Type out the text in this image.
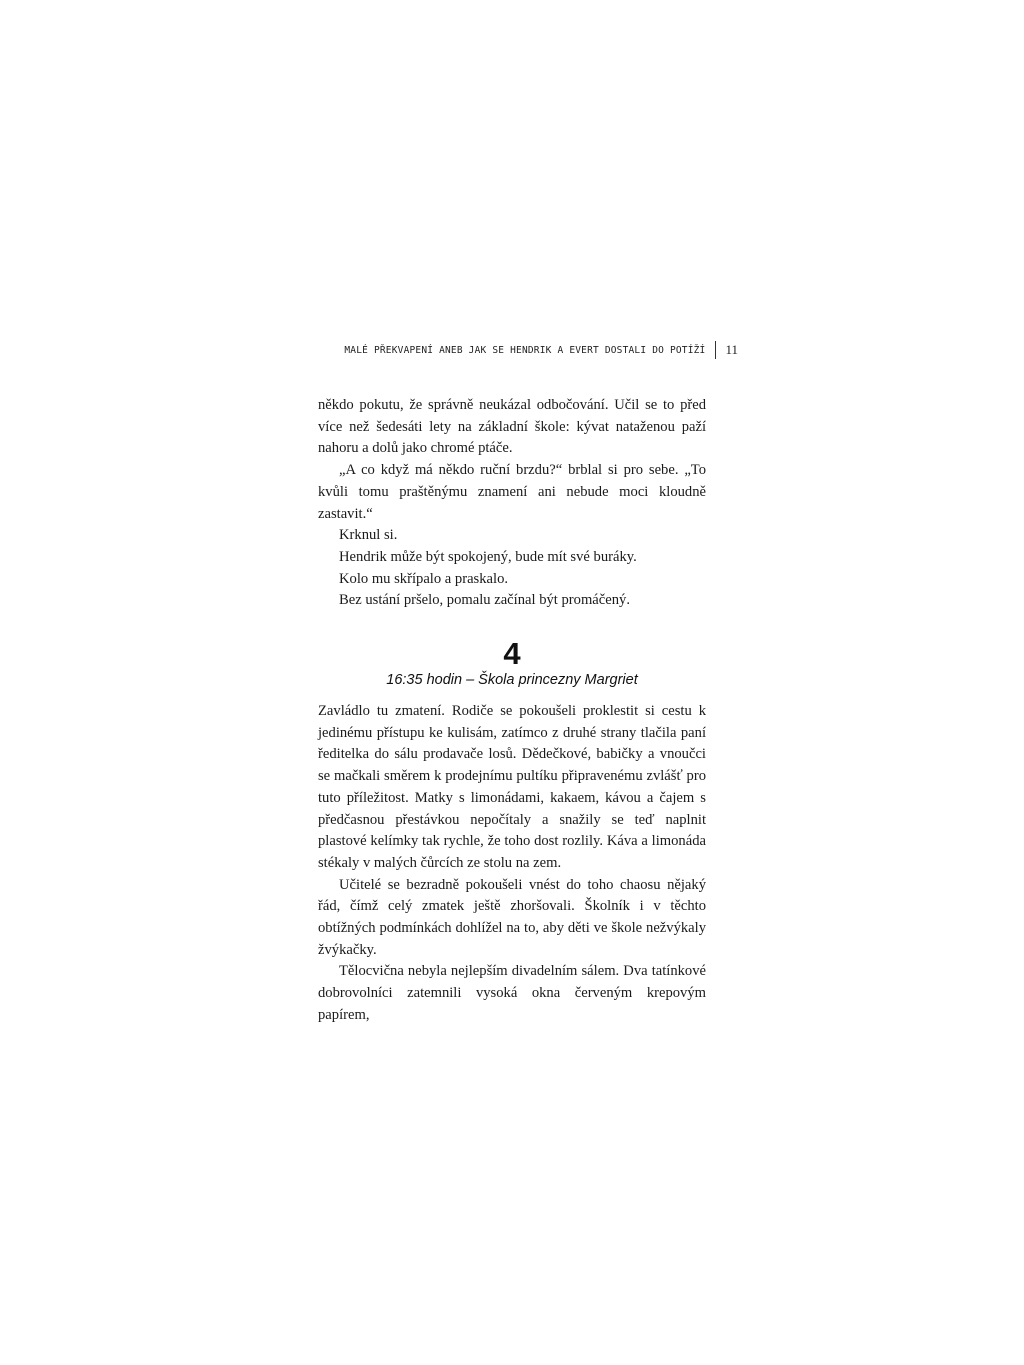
MALÉ PŘEKVAPENÍ ANEB JAK SE HENDRIK A EVERT DOSTALI DO POTÍŽÍ 11

někdo pokutu, že správně neukázal odbočování. Učil se to před více než šedesáti lety na základní škole: kývat nataženou paží nahoru a dolů jako chromé ptáče.

„A co když má někdo ruční brzdu?“ brblal si pro sebe. „To kvůli tomu praštěnýmu znamení ani nebude moci kloudně zastavit.“

Krknul si.

Hendrik může být spokojený, bude mít své buráky.

Kolo mu skřípalo a praskalo.

Bez ustání pršelo, pomalu začínal být promáčený.

4
16:35 hodin – Škola princezny Margriet

Zavládlo tu zmatení. Rodiče se pokoušeli proklestit si cestu k jedinému přístupu ke kulisám, zatímco z druhé strany tlačila paní ředitelka do sálu prodavače losů. Dědečkové, babičky a vnoučci se mačkali směrem k prodejnímu pultíku připravenému zvlášť pro tuto příležitost. Matky s limonádami, kakaem, kávou a čajem s předčasnou přestávkou nepočítaly a snažily se teď naplnit plastové kelímky tak rychle, že toho dost rozlily. Káva a limonáda stékaly v malých čůrcích ze stolu na zem.

Učitelé se bezradně pokoušeli vnést do toho chaosu nějaký řád, čímž celý zmatek ještě zhoršovali. Školník i v těchto obtížných podmínkách dohlížel na to, aby děti ve škole nežvýkaly žvýkačky.

Tělocvična nebyla nejlepším divadelním sálem. Dva tatínkové dobrovolníci zatemnili vysoká okna červeným krepovým papírem,
